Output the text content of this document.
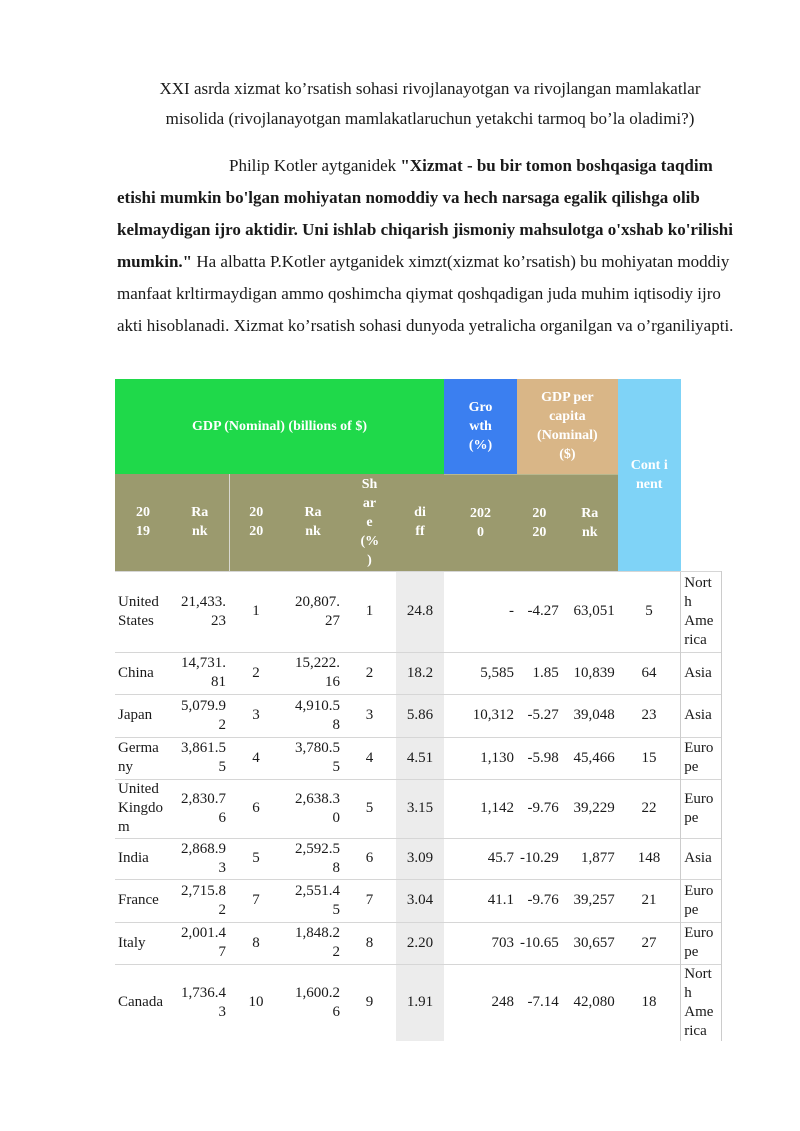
XXI asrda xizmat ko’rsatish sohasi rivojlanayotgan va rivojlangan mamlakatlar
misolida (rivojlanayotgan mamlakatlaruchun yetakchi tarmoq bo’la oladimi?)
Philip Kotler aytganidek "Xizmat - bu bir tomon boshqasiga taqdim etishi mumkin bo'lgan mohiyatan nomoddiy va hech narsaga egalik qilishga olib kelmaydigan ijro aktidir. Uni ishlab chiqarish jismoniy mahsulotga o'xshab ko'rilishi mumkin." Ha albatta P.Kotler aytganidek ximzt(xizmat ko’rsatish) bu mohiyatan moddiy manfaat krltirmaydigan ammo qoshimcha qiymat qoshqadigan juda muhim iqtisodiy ijro akti hisoblanadi. Xizmat ko’rsatish sohasi dunyoda yetralicha organilgan va o’rganiliyapti.
GDP (Nominal) (billions of $)						Gro wth (%)	GDP per capita (Nominal) ($)		Cont inent	

20 19	Ra nk	20 20	Ra nk	Sh are (% )	di ff	202 0	20 20	Ra nk		

United States	21,433. 23	1	20,807. 27	1	24.8	-	-4.27	63,051	5	Nort h Ame rica

China	14,731. 81	2	15,222. 16	2	18.2	5,585	1.85	10,839	64	Asia

Japan	5,079.9 2	3	4,910.5 8	3	5.86	10,312	-5.27	39,048	23	Asia

Germa ny	3,861.5 5	4	3,780.5 5	4	4.51	1,130	-5.98	45,466	15	Euro pe

United Kingdo m	2,830.7 6	6	2,638.3 0	5	3.15	1,142	-9.76	39,229	22	Euro pe

India	2,868.9 3	5	2,592.5 8	6	3.09	45.7	-10.29	1,877	148	Asia

France	2,715.8 2	7	2,551.4 5	7	3.04	41.1	-9.76	39,257	21	Euro pe

Italy	2,001.4 7	8	1,848.2 2	8	2.20	703	-10.65	30,657	27	Euro pe

Canada	1,736.4 3	10	1,600.2 6	9	1.91	248	-7.14	42,080	18	Nort h Ame rica
